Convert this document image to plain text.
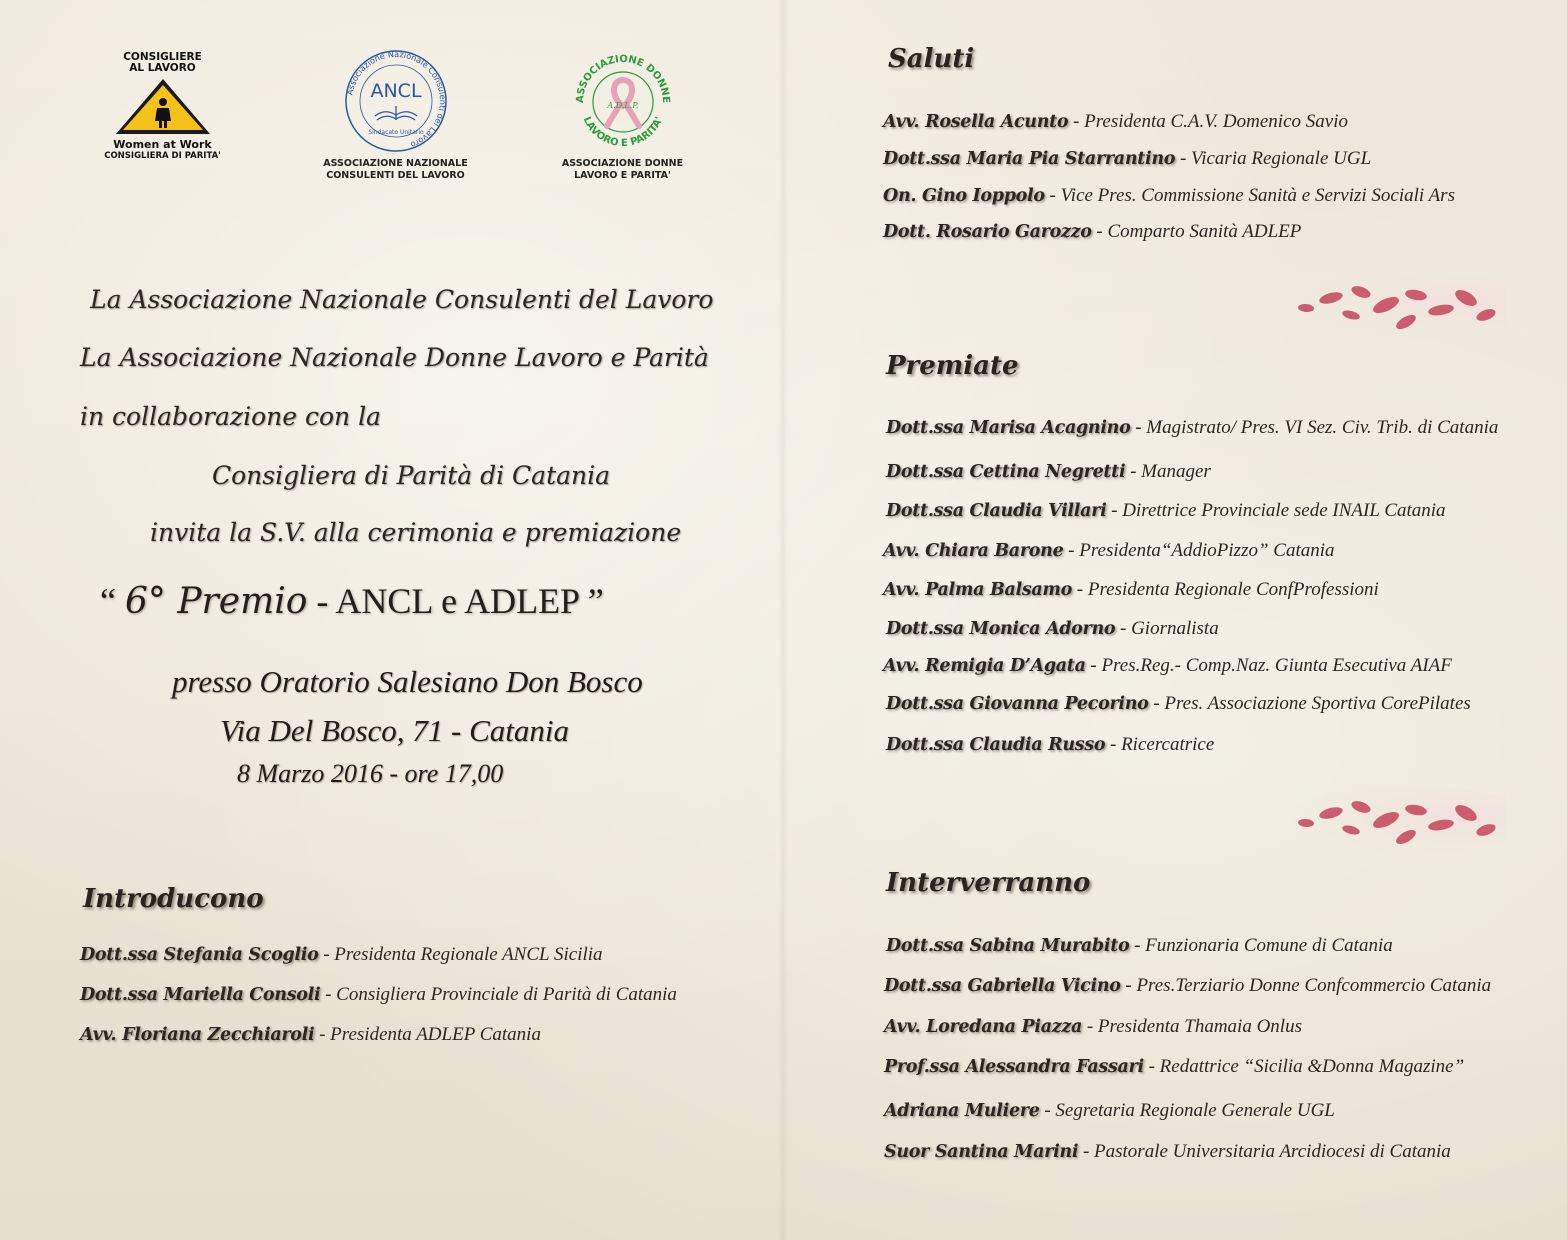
CONSIGLIERE
AL LAVORO
Women at Work
CONSIGLIERA DI PARITA'
Associazione Nazionale Consulenti del Lavoro
ANCL
Sindacato Unitario
ASSOCIAZIONE NAZIONALE
CONSULENTI DEL LAVORO
ASSOCIAZIONE DONNE
LAVORO E PARITA'
A.D.L.P.
ASSOCIAZIONE DONNE
LAVORO E PARITA'
La Associazione Nazionale Consulenti del Lavoro
La Associazione Nazionale Donne Lavoro e Parità
in collaborazione con la
Consigliera di Parità di Catania
invita la S.V. alla cerimonia e premiazione
“ 6° Premio - ANCL e ADLEP ”
presso Oratorio Salesiano Don Bosco
Via Del Bosco, 71 - Catania
8 Marzo 2016 - ore 17,00
Introducono
Dott.ssa Stefania Scoglio - Presidenta Regionale ANCL Sicilia
Dott.ssa Mariella Consoli - Consigliera Provinciale di Parità di Catania
Avv. Floriana Zecchiaroli - Presidenta ADLEP Catania
Saluti
Avv. Rosella Acunto - Presidenta C.A.V. Domenico Savio
Dott.ssa Maria Pia Starrantino - Vicaria Regionale UGL
On. Gino Ioppolo - Vice Pres. Commissione Sanità e Servizi Sociali Ars
Dott. Rosario Garozzo - Comparto Sanità ADLEP
Premiate
Dott.ssa Marisa Acagnino - Magistrato/ Pres. VI Sez. Civ. Trib. di Catania
Dott.ssa Cettina Negretti - Manager
Dott.ssa Claudia Villari - Direttrice Provinciale sede INAIL Catania
Avv. Chiara Barone - Presidenta“AddioPizzo” Catania
Avv. Palma Balsamo - Presidenta Regionale ConfProfessioni
Dott.ssa Monica Adorno - Giornalista
Avv. Remigia D’Agata - Pres.Reg.- Comp.Naz. Giunta Esecutiva AIAF
Dott.ssa Giovanna Pecorino - Pres. Associazione Sportiva CorePilates
Dott.ssa Claudia Russo - Ricercatrice
Interverranno
Dott.ssa Sabina Murabito - Funzionaria Comune di Catania
Dott.ssa Gabriella Vicino - Pres.Terziario Donne Confcommercio Catania
Avv. Loredana Piazza - Presidenta Thamaia Onlus
Prof.ssa Alessandra Fassari - Redattrice “Sicilia &Donna Magazine”
Adriana Muliere - Segretaria Regionale Generale UGL
Suor Santina Marini - Pastorale Universitaria Arcidiocesi di Catania
